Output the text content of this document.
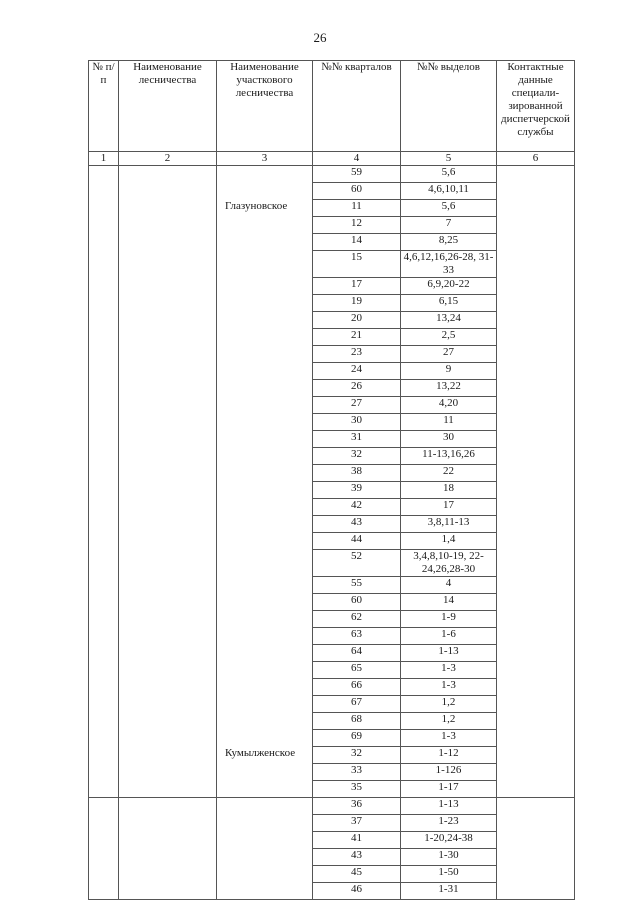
26
№ п/п	Наименование лесничества	Наименование участкового лесничества	№№ кварталов	№№ выделов	Контактные данные специали-зированной диспетчерской службы
1	2	3	4	5	6
			59	5,6	
			60	4,6,10,11	
		Глазуновское	11	5,6	
			12	7	
			14	8,25	
			15	4,6,12,16,26-28, 31-33	
			17	6,9,20-22	
			19	6,15	
			20	13,24	
			21	2,5	
			23	27	
			24	9	
			26	13,22	
			27	4,20	
			30	11	
			31	30	
			32	11-13,16,26	
			38	22	
			39	18	
			42	17	
			43	3,8,11-13	
			44	1,4	
			52	3,4,8,10-19, 22-24,26,28-30	
			55	4	
			60	14	
			62	1-9	
			63	1-6	
			64	1-13	
			65	1-3	
			66	1-3	
			67	1,2	
			68	1,2	
			69	1-3	
		Кумылженское	32	1-12	
			33	1-126	
			35	1-17	
			36	1-13	
			37	1-23	
			41	1-20,24-38	
			43	1-30	
			45	1-50	
			46	1-31	
